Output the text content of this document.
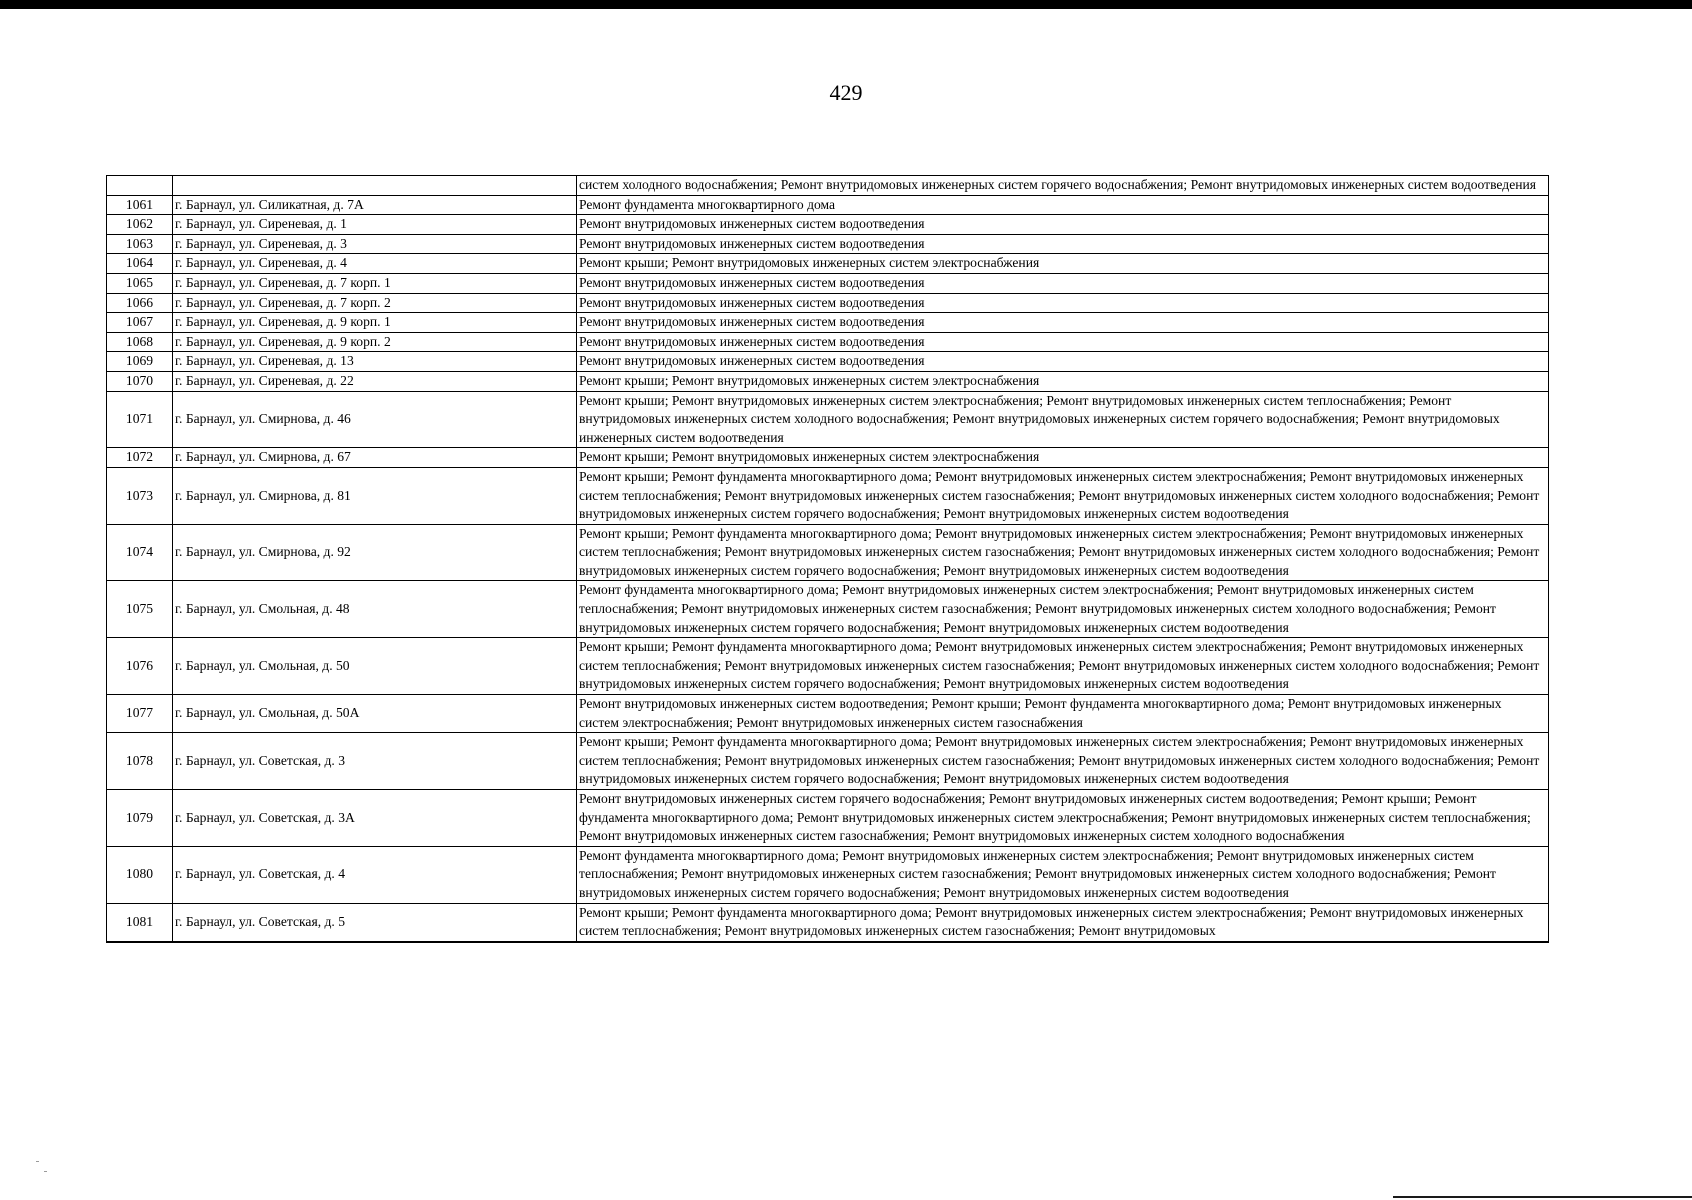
429
		систем холодного водоснабжения; Ремонт внутридомовых инженерных систем горячего водоснабжения; Ремонт внутридомовых инженерных систем водоотведения
1061	г. Барнаул, ул. Силикатная, д. 7А	Ремонт фундамента многоквартирного дома
1062	г. Барнаул, ул. Сиреневая, д. 1	Ремонт внутридомовых инженерных систем водоотведения
1063	г. Барнаул, ул. Сиреневая, д. 3	Ремонт внутридомовых инженерных систем водоотведения
1064	г. Барнаул, ул. Сиреневая, д. 4	Ремонт крыши; Ремонт внутридомовых инженерных систем электроснабжения
1065	г. Барнаул, ул. Сиреневая, д. 7 корп. 1	Ремонт внутридомовых инженерных систем водоотведения
1066	г. Барнаул, ул. Сиреневая, д. 7 корп. 2	Ремонт внутридомовых инженерных систем водоотведения
1067	г. Барнаул, ул. Сиреневая, д. 9 корп. 1	Ремонт внутридомовых инженерных систем водоотведения
1068	г. Барнаул, ул. Сиреневая, д. 9 корп. 2	Ремонт внутридомовых инженерных систем водоотведения
1069	г. Барнаул, ул. Сиреневая, д. 13	Ремонт внутридомовых инженерных систем водоотведения
1070	г. Барнаул, ул. Сиреневая, д. 22	Ремонт крыши; Ремонт внутридомовых инженерных систем электроснабжения
1071	г. Барнаул, ул. Смирнова, д. 46	Ремонт крыши; Ремонт внутридомовых инженерных систем электроснабжения; Ремонт внутридомовых инженерных систем теплоснабжения; Ремонт внутридомовых инженерных систем холодного водоснабжения; Ремонт внутридомовых инженерных систем горячего водоснабжения; Ремонт внутридомовых инженерных систем водоотведения
1072	г. Барнаул, ул. Смирнова, д. 67	Ремонт крыши; Ремонт внутридомовых инженерных систем электроснабжения
1073	г. Барнаул, ул. Смирнова, д. 81	Ремонт крыши; Ремонт фундамента многоквартирного дома; Ремонт внутридомовых инженерных систем электроснабжения; Ремонт внутридомовых инженерных систем теплоснабжения; Ремонт внутридомовых инженерных систем газоснабжения; Ремонт внутридомовых инженерных систем холодного водоснабжения; Ремонт внутридомовых инженерных систем горячего водоснабжения; Ремонт внутридомовых инженерных систем водоотведения
1074	г. Барнаул, ул. Смирнова, д. 92	Ремонт крыши; Ремонт фундамента многоквартирного дома; Ремонт внутридомовых инженерных систем электроснабжения; Ремонт внутридомовых инженерных систем теплоснабжения; Ремонт внутридомовых инженерных систем газоснабжения; Ремонт внутридомовых инженерных систем холодного водоснабжения; Ремонт внутридомовых инженерных систем горячего водоснабжения; Ремонт внутридомовых инженерных систем водоотведения
1075	г. Барнаул, ул. Смольная, д. 48	Ремонт фундамента многоквартирного дома; Ремонт внутридомовых инженерных систем электроснабжения; Ремонт внутридомовых инженерных систем теплоснабжения; Ремонт внутридомовых инженерных систем газоснабжения; Ремонт внутридомовых инженерных систем холодного водоснабжения; Ремонт внутридомовых инженерных систем горячего водоснабжения; Ремонт внутридомовых инженерных систем водоотведения
1076	г. Барнаул, ул. Смольная, д. 50	Ремонт крыши; Ремонт фундамента многоквартирного дома; Ремонт внутридомовых инженерных систем электроснабжения; Ремонт внутридомовых инженерных систем теплоснабжения; Ремонт внутридомовых инженерных систем газоснабжения; Ремонт внутридомовых инженерных систем холодного водоснабжения; Ремонт внутридомовых инженерных систем горячего водоснабжения; Ремонт внутридомовых инженерных систем водоотведения
1077	г. Барнаул, ул. Смольная, д. 50А	Ремонт внутридомовых инженерных систем водоотведения; Ремонт крыши; Ремонт фундамента многоквартирного дома; Ремонт внутридомовых инженерных систем электроснабжения; Ремонт внутридомовых инженерных систем газоснабжения
1078	г. Барнаул, ул. Советская, д. 3	Ремонт крыши; Ремонт фундамента многоквартирного дома; Ремонт внутридомовых инженерных систем электроснабжения; Ремонт внутридомовых инженерных систем теплоснабжения; Ремонт внутридомовых инженерных систем газоснабжения; Ремонт внутридомовых инженерных систем холодного водоснабжения; Ремонт внутридомовых инженерных систем горячего водоснабжения; Ремонт внутридомовых инженерных систем водоотведения
1079	г. Барнаул, ул. Советская, д. 3А	Ремонт внутридомовых инженерных систем горячего водоснабжения; Ремонт внутридомовых инженерных систем водоотведения; Ремонт крыши; Ремонт фундамента многоквартирного дома; Ремонт внутридомовых инженерных систем электроснабжения; Ремонт внутридомовых инженерных систем теплоснабжения; Ремонт внутридомовых инженерных систем газоснабжения; Ремонт внутридомовых инженерных систем холодного водоснабжения
1080	г. Барнаул, ул. Советская, д. 4	Ремонт фундамента многоквартирного дома; Ремонт внутридомовых инженерных систем электроснабжения; Ремонт внутридомовых инженерных систем теплоснабжения; Ремонт внутридомовых инженерных систем газоснабжения; Ремонт внутридомовых инженерных систем холодного водоснабжения; Ремонт внутридомовых инженерных систем горячего водоснабжения; Ремонт внутридомовых инженерных систем водоотведения
1081	г. Барнаул, ул. Советская, д. 5	Ремонт крыши; Ремонт фундамента многоквартирного дома; Ремонт внутридомовых инженерных систем электроснабжения; Ремонт внутридомовых инженерных систем теплоснабжения; Ремонт внутридомовых инженерных систем газоснабжения; Ремонт внутридомовых
